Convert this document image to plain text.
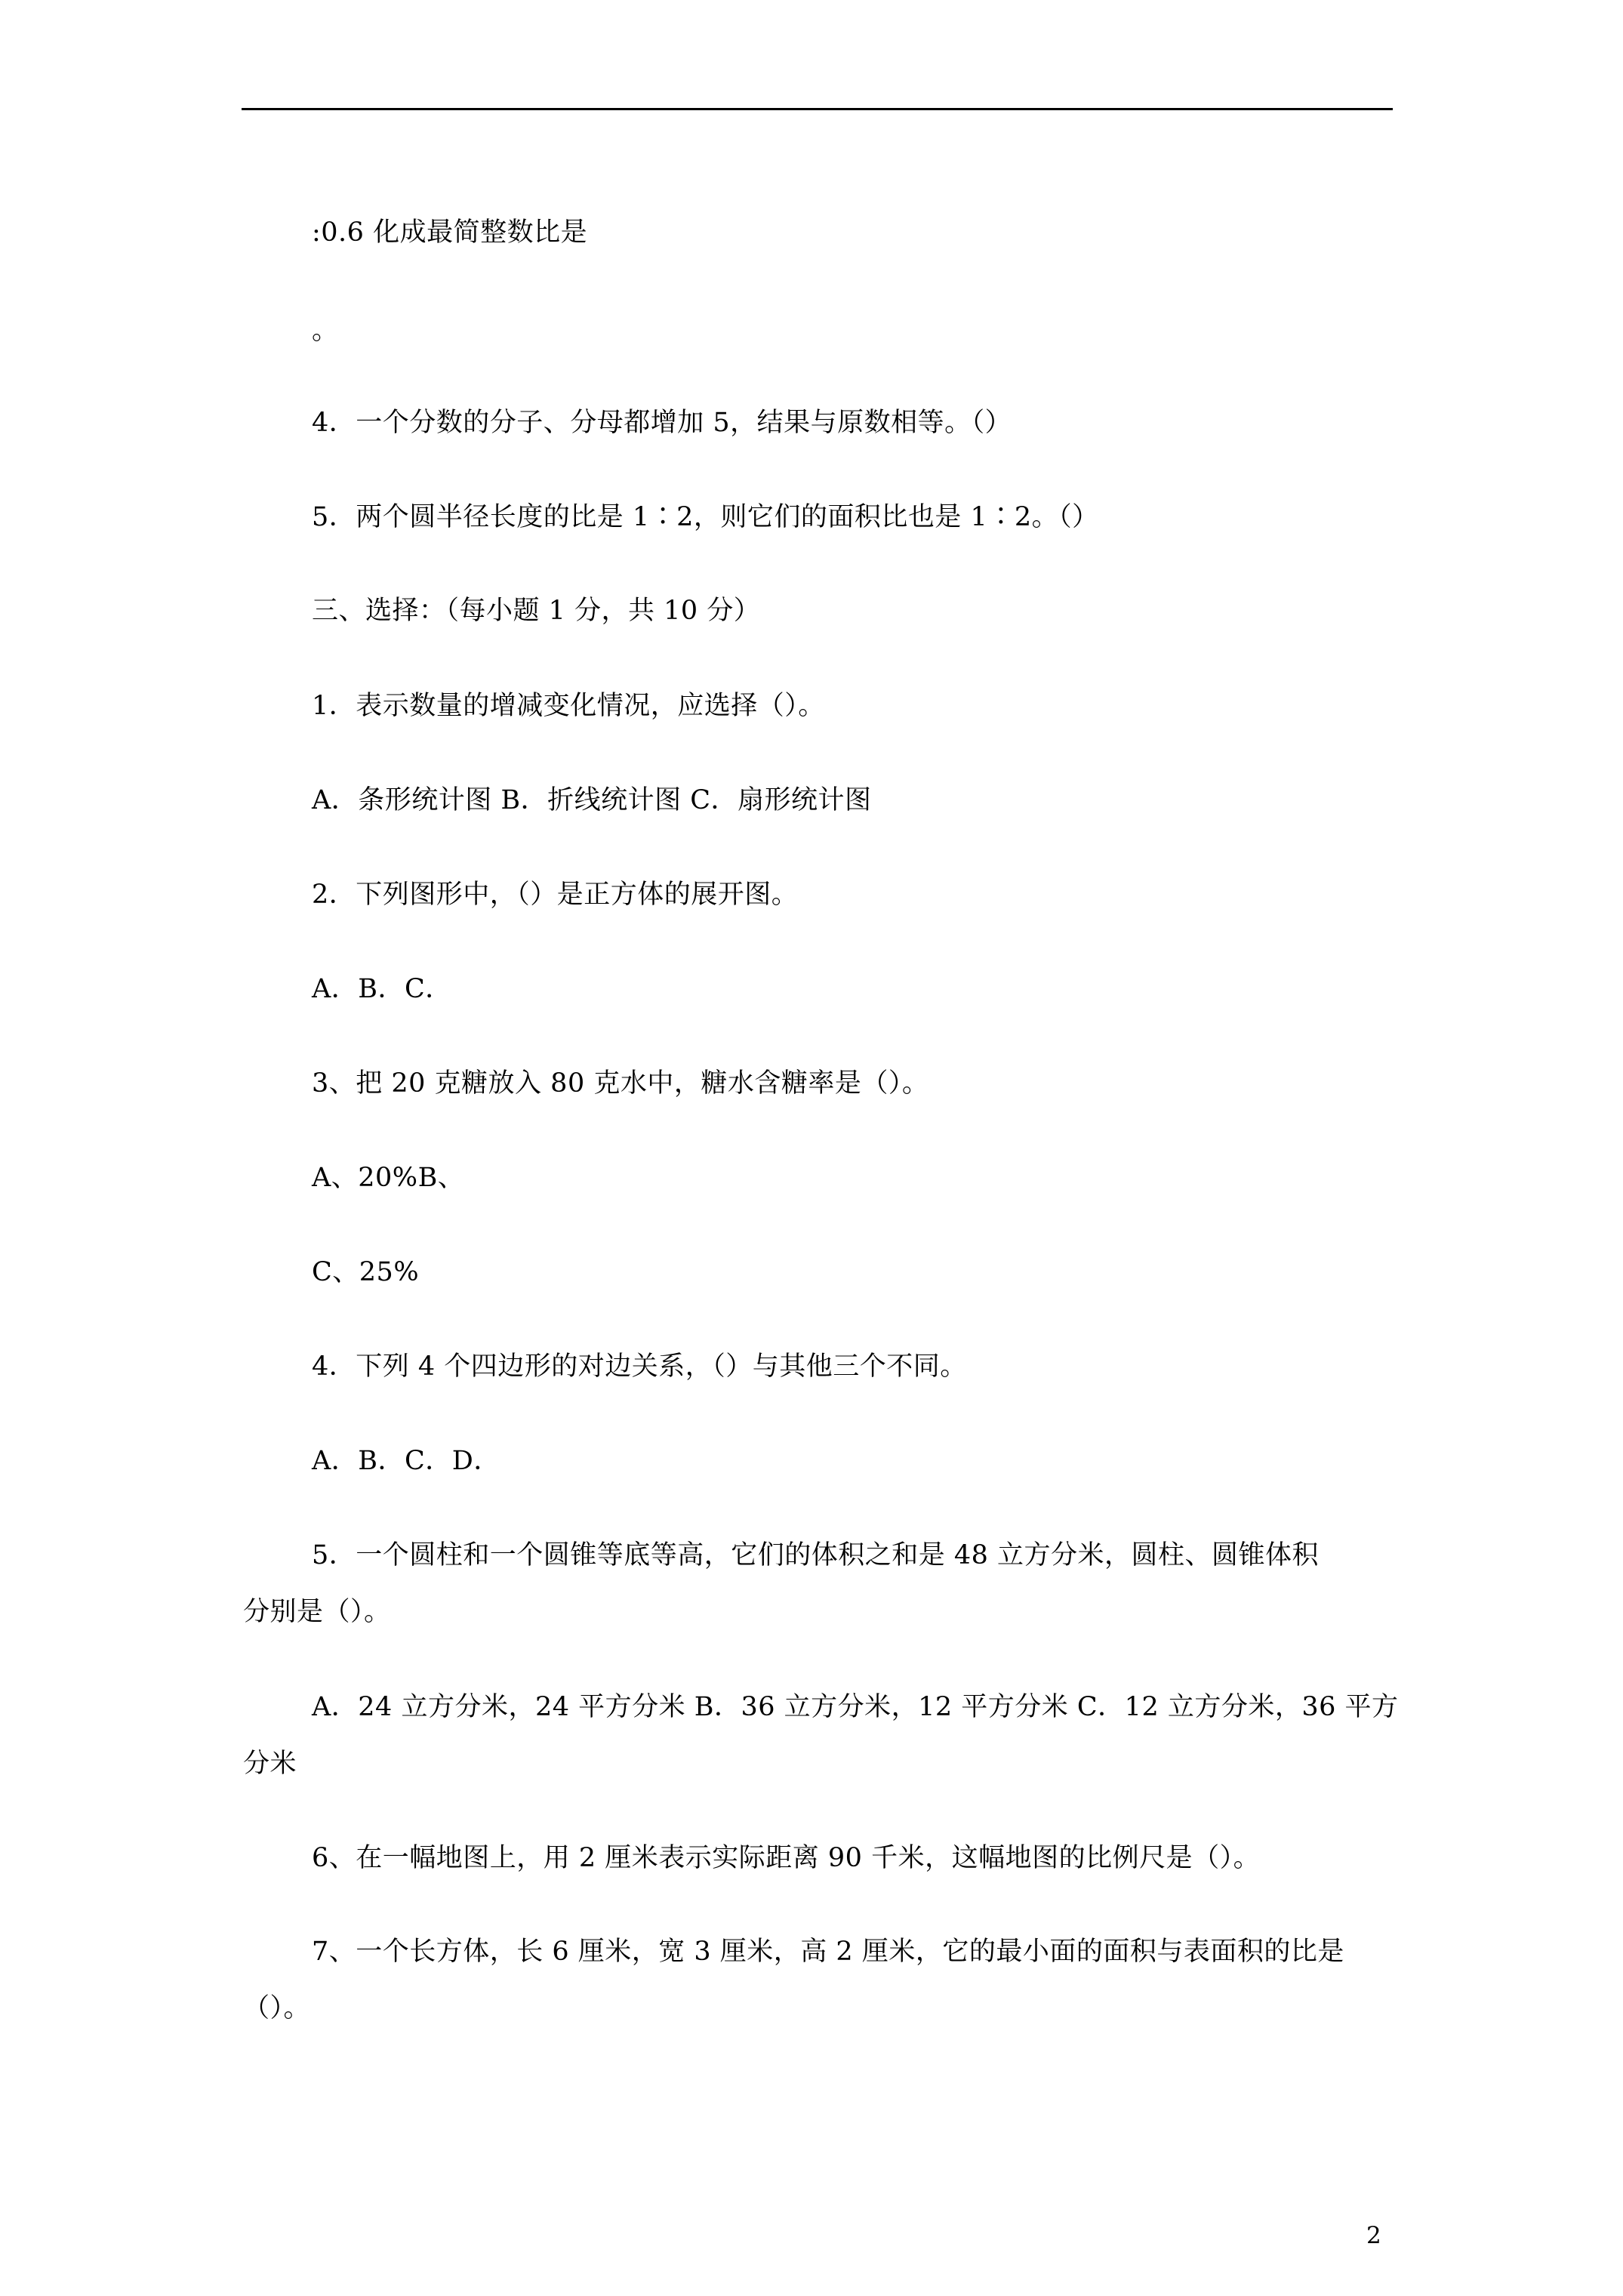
:0.6 化成最简整数比是

。

4．一个分数的分子、分母都增加 5，结果与原数相等。（）

5．两个圆半径长度的比是 1∶2，则它们的面积比也是 1∶2。（）

三、选择：（每小题 1 分，共 10 分）

1．表示数量的增减变化情况，应选择（）。

A．条形统计图 B．折线统计图 C．扇形统计图

2．下列图形中，（）是正方体的展开图。

A．B．C．

3、把 20 克糖放入 80 克水中，糖水含糖率是（）。

A、20%B、

C、25%

4．下列 4 个四边形的对边关系，（）与其他三个不同。

A．B．C．D．

5．一个圆柱和一个圆锥等底等高，它们的体积之和是 48 立方分米，圆柱、圆锥体积

分别是（）。

A．24 立方分米，24 平方分米 B．36 立方分米，12 平方分米 C．12 立方分米，36 平方

分米

6、在一幅地图上，用 2 厘米表示实际距离 90 千米，这幅地图的比例尺是（）。

7、一个长方体，长 6 厘米，宽 3 厘米，高 2 厘米，它的最小面的面积与表面积的比是

（）。

2
